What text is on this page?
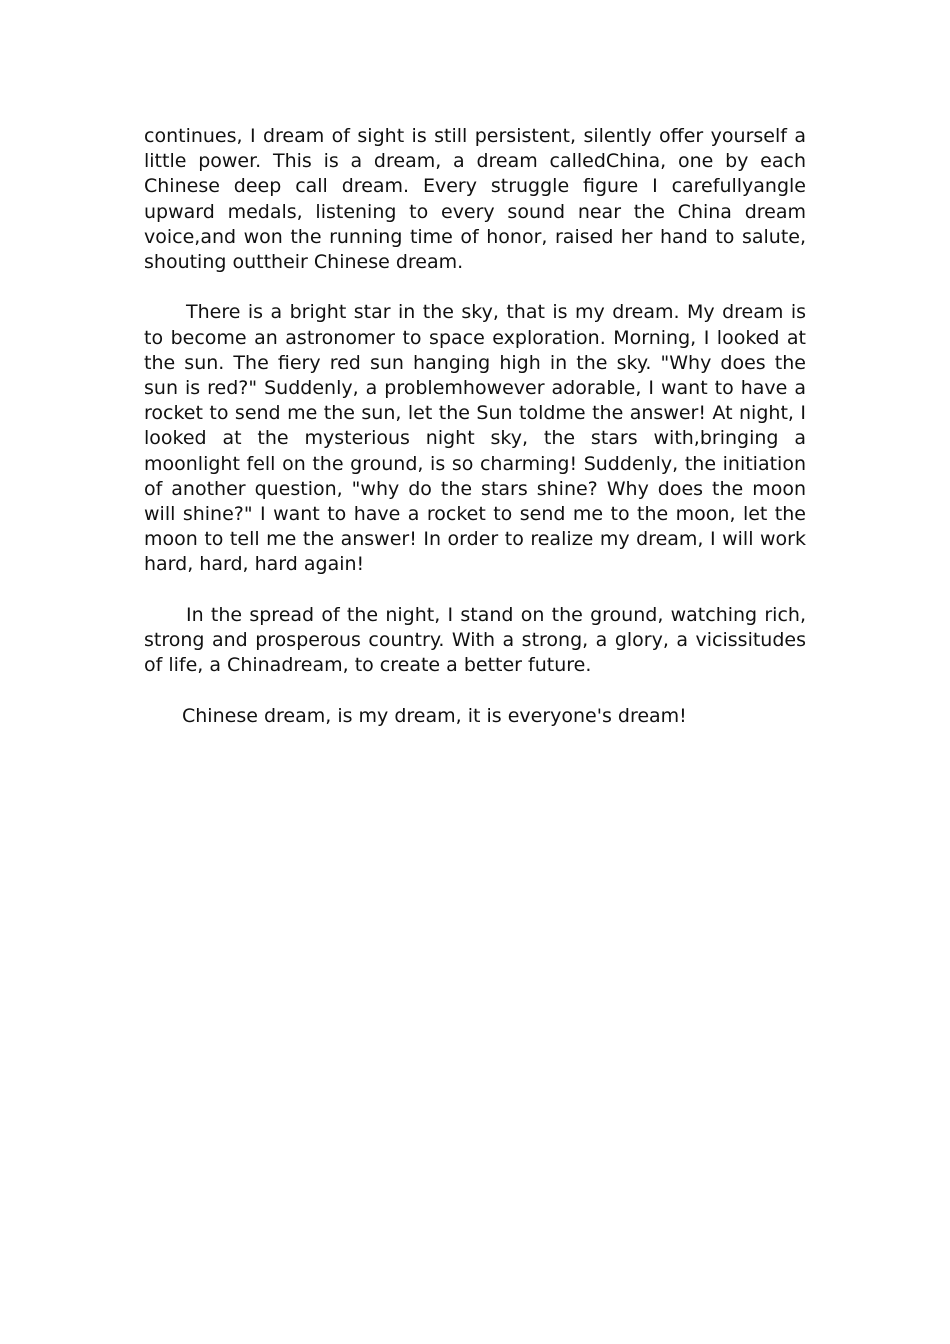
continues, I dream of sight is still persistent, silently offer yourself a little power. This is a dream, a dream calledChina, one by each Chinese deep call dream. Every struggle figure I carefullyangle upward medals, listening to every sound near the China dream voice,and won the running time of honor, raised her hand to salute, shouting outtheir Chinese dream.

There is a bright star in the sky, that is my dream. My dream is to become an astronomer to space exploration. Morning, I looked at the sun. The fiery red sun hanging high in the sky. "Why does the sun is red?" Suddenly, a problemhowever adorable, I want to have a rocket to send me the sun, let the Sun toldme the answer! At night, I looked at the mysterious night sky, the stars with,bringing a moonlight fell on the ground, is so charming! Suddenly, the initiation of another question, "why do the stars shine? Why does the moon will shine?" I want to have a rocket to send me to the moon, let the moon to tell me the answer! In order to realize my dream, I will work hard, hard, hard again!

In the spread of the night, I stand on the ground, watching rich, strong and prosperous country. With a strong, a glory, a vicissitudes of life, a Chinadream, to create a better future.

Chinese dream, is my dream, it is everyone's dream!
